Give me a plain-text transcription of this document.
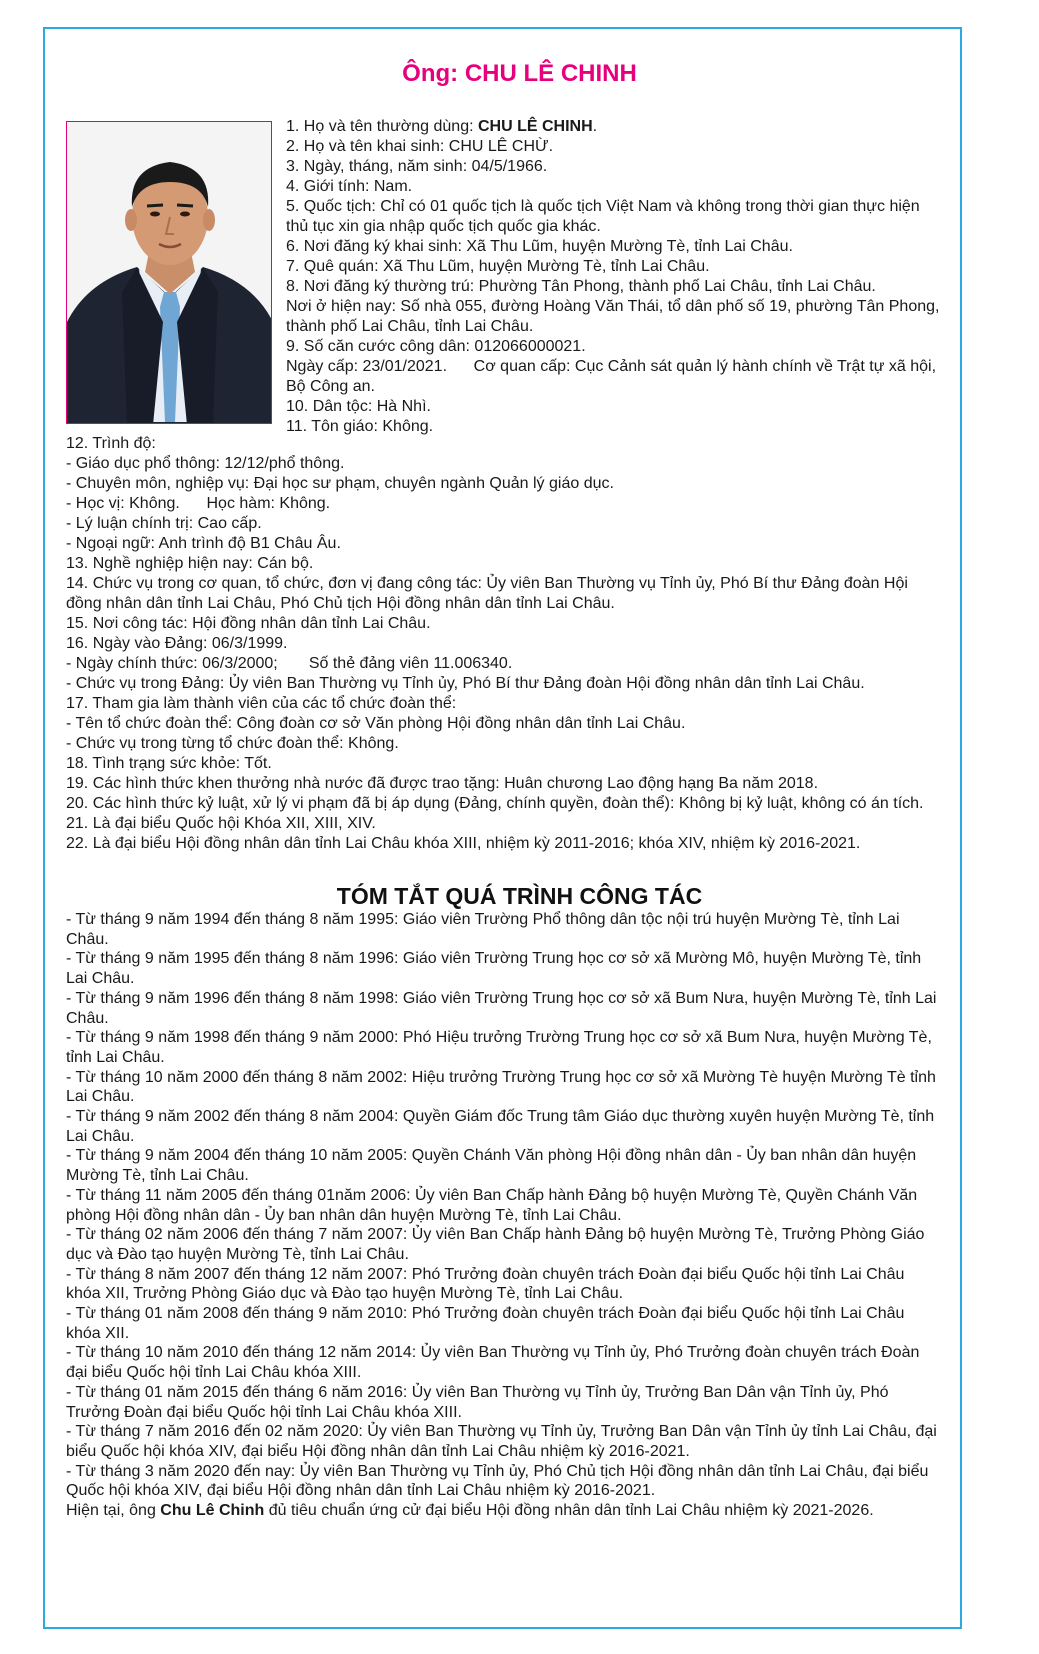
Ông: CHU LÊ CHINH
1. Họ và tên thường dùng: CHU LÊ CHINH.
2. Họ và tên khai sinh: CHU LÊ CHỪ.
3. Ngày, tháng, năm sinh: 04/5/1966.
4. Giới tính: Nam.
5. Quốc tịch: Chỉ có 01 quốc tịch là quốc tịch Việt Nam và không trong thời gian thực hiện thủ tục xin gia nhập quốc tịch quốc gia khác.
6. Nơi đăng ký khai sinh: Xã Thu Lũm, huyện Mường Tè, tỉnh Lai Châu.
7. Quê quán: Xã Thu Lũm, huyện Mường Tè, tỉnh Lai Châu.
8. Nơi đăng ký thường trú: Phường Tân Phong, thành phố Lai Châu, tỉnh Lai Châu.
Nơi ở hiện nay: Số nhà 055, đường Hoàng Văn Thái, tổ dân phố số 19, phường Tân Phong, thành phố Lai Châu, tỉnh Lai Châu.
9. Số căn cước công dân: 012066000021.
Ngày cấp: 23/01/2021.      Cơ quan cấp: Cục Cảnh sát quản lý hành chính về Trật tự xã hội, Bộ Công an.
10. Dân tộc: Hà Nhì.
11. Tôn giáo: Không.
12. Trình độ:
- Giáo dục phổ thông: 12/12/phổ thông.
- Chuyên môn, nghiệp vụ: Đại học sư phạm, chuyên ngành Quản lý giáo dục.
- Học vị: Không.      Học hàm: Không.
- Lý luận chính trị: Cao cấp.
- Ngoại ngữ: Anh trình độ B1 Châu Âu.
13. Nghề nghiệp hiện nay: Cán bộ.
14. Chức vụ trong cơ quan, tổ chức, đơn vị đang công tác: Ủy viên Ban Thường vụ Tỉnh ủy, Phó Bí thư Đảng đoàn Hội đồng nhân dân tỉnh Lai Châu, Phó Chủ tịch Hội đồng nhân dân tỉnh Lai Châu.
15. Nơi công tác: Hội đồng nhân dân tỉnh Lai Châu.
16. Ngày vào Đảng: 06/3/1999.
- Ngày chính thức: 06/3/2000;       Số thẻ đảng viên 11.006340.
- Chức vụ trong Đảng: Ủy viên Ban Thường vụ Tỉnh ủy, Phó Bí thư Đảng đoàn Hội đồng nhân dân tỉnh Lai Châu.
17. Tham gia làm thành viên của các tổ chức đoàn thể:
- Tên tổ chức đoàn thể: Công đoàn cơ sở Văn phòng Hội đồng nhân dân tỉnh Lai Châu.
- Chức vụ trong từng tổ chức đoàn thể: Không.
18. Tình trạng sức khỏe: Tốt.
19. Các hình thức khen thưởng nhà nước đã được trao tặng: Huân chương Lao động hạng Ba năm 2018.
20. Các hình thức kỷ luật, xử lý vi phạm đã bị áp dụng (Đảng, chính quyền, đoàn thể): Không bị kỷ luật, không có án tích.
21. Là đại biểu Quốc hội Khóa XII, XIII, XIV.
22. Là đại biểu Hội đồng nhân dân tỉnh Lai Châu khóa XIII, nhiệm kỳ 2011-2016; khóa XIV, nhiệm kỳ 2016-2021.
TÓM TẮT QUÁ TRÌNH CÔNG TÁC
- Từ tháng 9 năm 1994 đến tháng 8 năm 1995: Giáo viên Trường Phổ thông dân tộc nội trú huyện Mường Tè, tỉnh Lai Châu.
- Từ tháng 9 năm 1995 đến tháng 8 năm 1996: Giáo viên Trường Trung học cơ sở xã Mường Mô, huyện Mường Tè, tỉnh Lai Châu.
- Từ tháng 9 năm 1996 đến tháng 8 năm 1998: Giáo viên Trường Trung học cơ sở xã Bum Nưa, huyện Mường Tè, tỉnh Lai Châu.
- Từ tháng 9 năm 1998 đến tháng 9 năm 2000: Phó Hiệu trưởng Trường Trung học cơ sở xã Bum Nưa, huyện Mường Tè, tỉnh Lai Châu.
- Từ tháng 10 năm 2000 đến tháng 8 năm 2002: Hiệu trưởng Trường Trung học cơ sở xã Mường Tè huyện Mường Tè tỉnh Lai Châu.
- Từ tháng 9 năm 2002 đến tháng 8 năm 2004: Quyền Giám đốc Trung tâm Giáo dục thường xuyên huyện Mường Tè, tỉnh Lai Châu.
- Từ tháng 9 năm 2004 đến tháng 10 năm 2005: Quyền Chánh Văn phòng Hội đồng nhân dân - Ủy ban nhân dân huyện Mường Tè, tỉnh Lai Châu.
- Từ tháng 11 năm 2005 đến tháng 01năm 2006: Ủy viên Ban Chấp hành Đảng bộ huyện Mường Tè, Quyền Chánh Văn phòng Hội đồng nhân dân - Ủy ban nhân dân huyện Mường Tè, tỉnh Lai Châu.
- Từ tháng 02 năm 2006 đến tháng 7 năm 2007: Ủy viên Ban Chấp hành Đảng bộ huyện Mường Tè, Trưởng Phòng Giáo dục và Đào tạo huyện Mường Tè, tỉnh Lai Châu.
- Từ tháng 8 năm 2007 đến tháng 12 năm 2007: Phó Trưởng đoàn chuyên trách Đoàn đại biểu Quốc hội tỉnh Lai Châu khóa XII, Trưởng Phòng Giáo dục và Đào tạo huyện Mường Tè, tỉnh Lai Châu.
- Từ tháng 01 năm 2008 đến tháng 9 năm 2010: Phó Trưởng đoàn chuyên trách Đoàn đại biểu Quốc hội tỉnh Lai Châu khóa XII.
- Từ tháng 10 năm 2010 đến tháng 12 năm 2014: Ủy viên Ban Thường vụ Tỉnh ủy, Phó Trưởng đoàn chuyên trách Đoàn đại biểu Quốc hội tỉnh Lai Châu khóa XIII.
- Từ tháng 01 năm 2015 đến tháng 6 năm 2016: Ủy viên Ban Thường vụ Tỉnh ủy, Trưởng Ban Dân vận Tỉnh ủy, Phó Trưởng Đoàn đại biểu Quốc hội tỉnh Lai Châu khóa XIII.
- Từ tháng 7 năm 2016 đến 02 năm 2020: Ủy viên Ban Thường vụ Tỉnh ủy, Trưởng Ban Dân vận Tỉnh ủy tỉnh Lai Châu, đại biểu Quốc hội khóa XIV, đại biểu Hội đồng nhân dân tỉnh Lai Châu nhiệm kỳ 2016-2021.
- Từ tháng 3 năm 2020 đến nay: Ủy viên Ban Thường vụ Tỉnh ủy, Phó Chủ tịch Hội đồng nhân dân tỉnh Lai Châu, đại biểu Quốc hội khóa XIV, đại biểu Hội đồng nhân dân tỉnh Lai Châu nhiệm kỳ 2016-2021.
Hiện tại, ông Chu Lê Chinh đủ tiêu chuẩn ứng cử đại biểu Hội đồng nhân dân tỉnh Lai Châu nhiệm kỳ 2021-2026.
